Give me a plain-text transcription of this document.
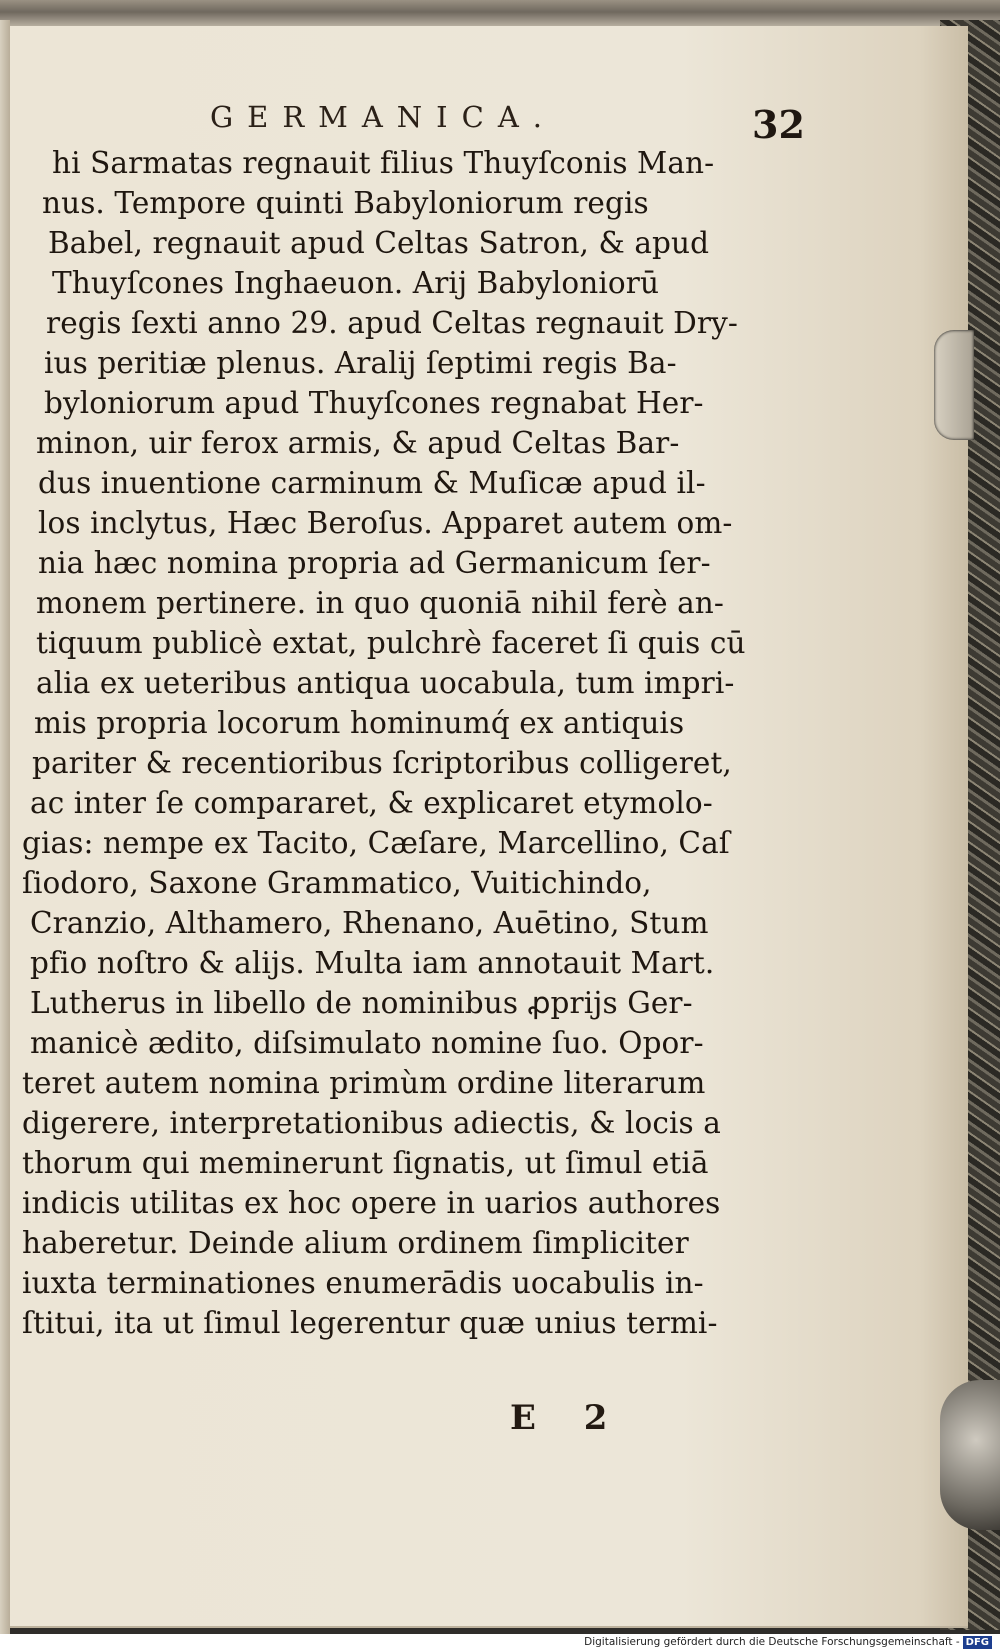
GERMANICA.	32
hi Sarmatas regnauit filius Thuyſconis Man-
nus. Tempore quinti Babyloniorum regis
Babel, regnauit apud Celtas Satron, & apud
Thuyſcones Inghaeuon. Arij Babyloniorū
regis ſexti anno 29. apud Celtas regnauit Dry-
ius peritiæ plenus. Aralij ſeptimi regis Ba-
byloniorum apud Thuyſcones regnabat Her-
minon, uir ferox armis, & apud Celtas Bar-
dus inuentione carminum & Muſicæ apud il-
los inclytus, Hæc Beroſus. Apparet autem om-
nia hæc nomina propria ad Germanicum ſer-
monem pertinere. in quo quoniā nihil ferè an-
tiquum publicè extat, pulchrè faceret ſi quis cū
alia ex ueteribus antiqua uocabula, tum impri-
mis propria locorum hominumq́ ex antiquis
pariter & recentioribus ſcriptoribus colligeret,
ac inter ſe compararet, & explicaret etymolo-
gias: nempe ex Tacito, Cæſare, Marcellino, Caſ
ſiodoro, Saxone Grammatico, Vuitichindo,
Cranzio, Althamero, Rhenano, Auētino, Stum
pfio noſtro & alijs. Multa iam annotauit Mart.
Lutherus in libello de nominibus ꝓprijs Ger-
manicè ædito, diſsimulato nomine ſuo. Opor-
teret autem nomina primùm ordine literarum
digerere, interpretationibus adiectis, & locis a
thorum qui meminerunt ſignatis, ut ſimul etiā
indicis utilitas ex hoc opere in uarios authores
haberetur. Deinde alium ordinem ſimpliciter
iuxta terminationes enumerādis uocabulis in-
ſtitui, ita ut ſimul legerentur quæ unius termi-
E 2
Digitalisierung gefördert durch die Deutsche Forschungsgemeinschaft - DFG
